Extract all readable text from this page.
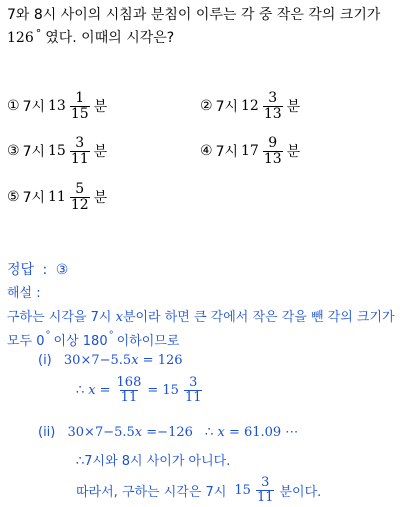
7와 8시 사이의 시침과 분침이 이루는 각 중 작은 각의 크기가
126 ° 였다. 이때의 시각은?
① 7시 $13 \frac{1}{15}$ 분	② 7시 $12 \frac{3}{13}$ 분
③ 7시 $15 \frac{3}{11}$ 분	④ 7시 $17 \frac{9}{13}$ 분
⑤ 7시 $11 \frac{5}{12}$ 분
정답 : ③
해설 :
구하는 시각을 7시 x분이라 하면 큰 각에서 작은 각을 뺀 각의 크기가
모두 0° 이상 180° 이하이므로
(i) 30×7−5.5x = 126
∴ $x = \frac{168}{11} = 15 \frac{3}{11}$
(ii) 30×7−5.5x =−126 ∴ x = 61.09 ⋯
∴7시와 8시 사이가 아니다.
따라서, 구하는 시각은 7시 $15 \frac{3}{11}$ 분이다.
